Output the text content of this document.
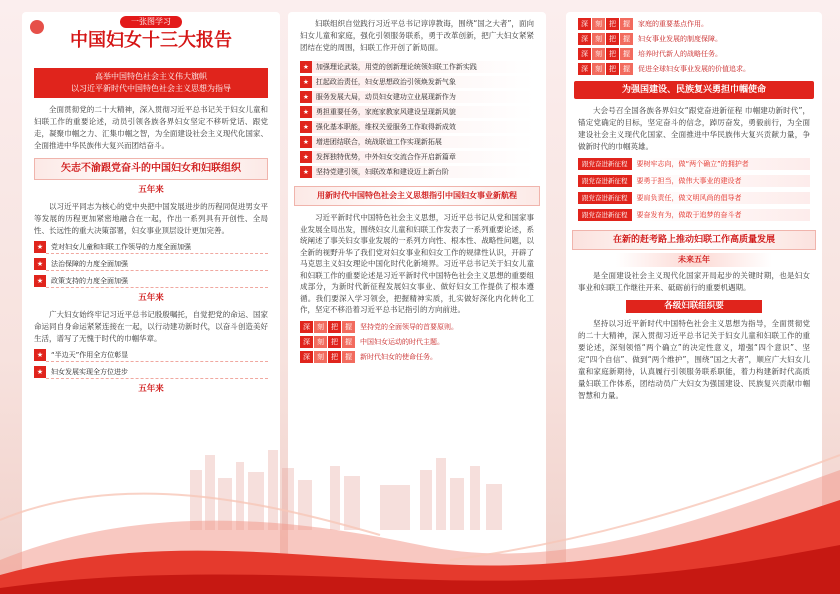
一张图学习
中国妇女十三大报告
高举中国特色社会主义伟大旗帜
以习近平新时代中国特色社会主义思想为指导
全面贯彻党的二十大精神，深入贯彻习近平总书记关于妇女儿童和妇联工作的重要论述，动员引领各族各界妇女坚定不移听党话、跟党走，凝聚巾帼之力、汇集巾帼之智，为全面建设社会主义现代化国家、全面推进中华民族伟大复兴而团结奋斗。
矢志不渝跟党奋斗的中国妇女和妇联组织
五年来
以习近平同志为核心的党中央把中国发展进步的历程同促进男女平等发展的历程更加紧密地融合在一起，作出一系列具有开创性、全局性、长远性的重大决策部署，妇女事业顶层设计更加完善。
★	党对妇女儿童和妇联工作领导的力度全面加强
★	法治保障的力度全面加强
★	政策支持的力度全面加强
五年来
广大妇女始终牢记习近平总书记殷殷嘱托，自觉把党的命运、国家命运同自身命运紧紧连接在一起，以行动建功新时代，以奋斗创造美好生活，谱写了无愧于时代的巾帼华章。
★	“半边天”作用全方位彰显
★	妇女发展实现全方位进步
五年来
妇联组织自觉践行习近平总书记谆谆教诲，围绕“国之大者”，面向妇女儿童和家庭，强化引领服务联系，勇于改革创新，把广大妇女紧紧团结在党的周围，妇联工作开创了新局面。
★	加强理论武装，用党的创新理论统领妇联工作新实践
★	扛起政治责任，妇女思想政治引领焕发新气象
★	服务发展大局，动员妇女建功立业展现新作为
★	勇担重要任务，家庭家教家风建设呈现新风貌
★	强化基本职能，维权关爱服务工作取得新成效
★	增进团结联合，统战联谊工作实现新拓展
★	发挥独特优势，中外妇女交流合作开启新篇章
★	坚持党建引领，妇联改革和建设迈上新台阶
用新时代中国特色社会主义思想指引中国妇女事业新航程
习近平新时代中国特色社会主义思想，习近平总书记从党和国家事业发展全局出发，围绕妇女儿童和妇联工作发表了一系列重要论述，系统阐述了事关妇女事业发展的一系列方向性、根本性、战略性问题，以全新的视野升华了我们党对妇女事业和妇女工作的规律性认识，开辟了马克思主义妇女理论中国化时代化新境界。习近平总书记关于妇女儿童和妇联工作的重要论述是习近平新时代中国特色社会主义思想的重要组成部分，为新时代新征程发展妇女事业、做好妇女工作提供了根本遵循。我们要深入学习领会，把握精神实质，扎实做好深化内化转化工作，坚定不移沿着习近平总书记指引的方向前进。
深	刻	把	握	坚持党的全面领导的首要原则。
深	刻	把	握	中国妇女运动的时代主题。
深	刻	把	握	新时代妇女的使命任务。
深	刻	把	握	家庭的重要基点作用。
深	刻	把	握	妇女事业发展的制度保障。
深	刻	把	握	培养时代新人的战略任务。
深	刻	把	握	促进全球妇女事业发展的价值追求。
为强国建设、民族复兴勇担巾帼使命
大会号召全国各族各界妇女“跟党奋进新征程 巾帼建功新时代”，锚定党确定的目标，坚定奋斗的信念，踔厉奋发，勇毅前行，为全面建设社会主义现代化国家、全面推进中华民族伟大复兴贡献力量，争做新时代的巾帼英雄。
跟党奋进新征程	要树牢志向，做“两个确立”的拥护者
跟党奋进新征程	要勇于担当，做伟大事业的建设者
跟党奋进新征程	要肩负责任，做文明风尚的倡导者
跟党奋进新征程	要奋发有为，做敢于追梦的奋斗者
在新的赶考路上推动妇联工作高质量发展
未来五年
是全面建设社会主义现代化国家开局起步的关键时期，也是妇女事业和妇联工作继往开来、砥砺前行的重要机遇期。
各级妇联组织要
坚持以习近平新时代中国特色社会主义思想为指导，全面贯彻党的二十大精神，深入贯彻习近平总书记关于妇女儿童和妇联工作的重要论述，深刻领悟“两个确立”的决定性意义，增强“四个意识”、坚定“四个自信”、做到“两个维护”，围绕“国之大者”，顺应广大妇女儿童和家庭新期待，认真履行引领服务联系职能，着力构建新时代高质量妇联工作体系，团结动员广大妇女为强国建设、民族复兴贡献巾帼智慧和力量。
